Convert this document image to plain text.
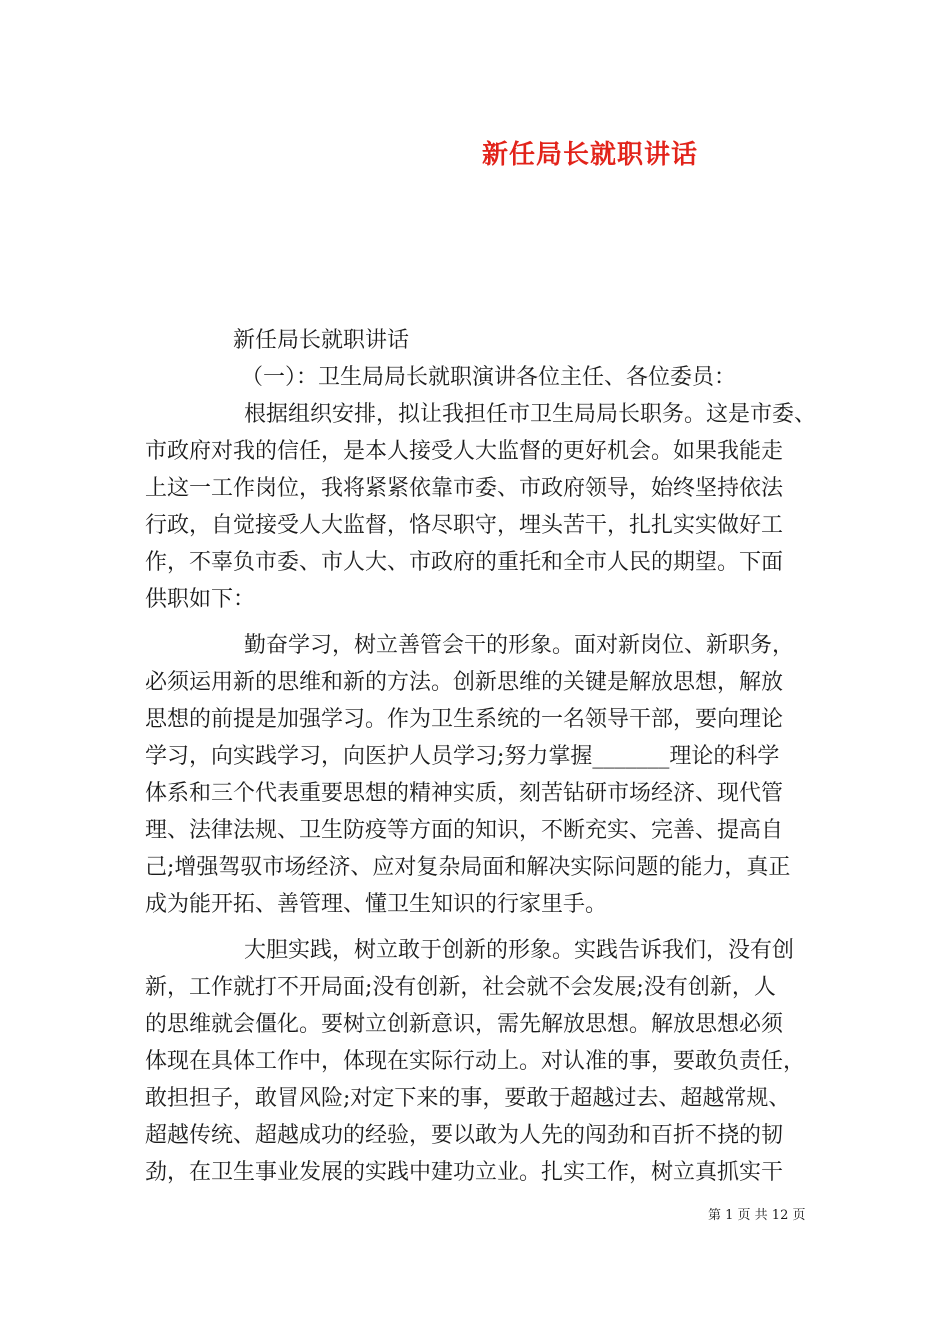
新任局长就职讲话
新任局长就职讲话
（一）：卫生局局长就职演讲各位主任、各位委员：
根据组织安排，拟让我担任市卫生局局长职务。这是市委、
市政府对我的信任，是本人接受人大监督的更好机会。如果我能走
上这一工作岗位，我将紧紧依靠市委、市政府领导，始终坚持依法
行政，自觉接受人大监督，恪尽职守，埋头苦干，扎扎实实做好工
作，不辜负市委、市人大、市政府的重托和全市人民的期望。下面
供职如下：
勤奋学习，树立善管会干的形象。面对新岗位、新职务，
必须运用新的思维和新的方法。创新思维的关键是解放思想，解放
思想的前提是加强学习。作为卫生系统的一名领导干部，要向理论
学习，向实践学习，向医护人员学习;努力掌握_______理论的科学
体系和三个代表重要思想的精神实质，刻苦钻研市场经济、现代管
理、法律法规、卫生防疫等方面的知识，不断充实、完善、提高自
己;增强驾驭市场经济、应对复杂局面和解决实际问题的能力，真正
成为能开拓、善管理、懂卫生知识的行家里手。
大胆实践，树立敢于创新的形象。实践告诉我们，没有创
新，工作就打不开局面;没有创新，社会就不会发展;没有创新，人
的思维就会僵化。要树立创新意识，需先解放思想。解放思想必须
体现在具体工作中，体现在实际行动上。对认准的事，要敢负责任，
敢担担子，敢冒风险;对定下来的事，要敢于超越过去、超越常规、
超越传统、超越成功的经验，要以敢为人先的闯劲和百折不挠的韧
劲，在卫生事业发展的实践中建功立业。扎实工作，树立真抓实干
第 1 页 共 12 页
